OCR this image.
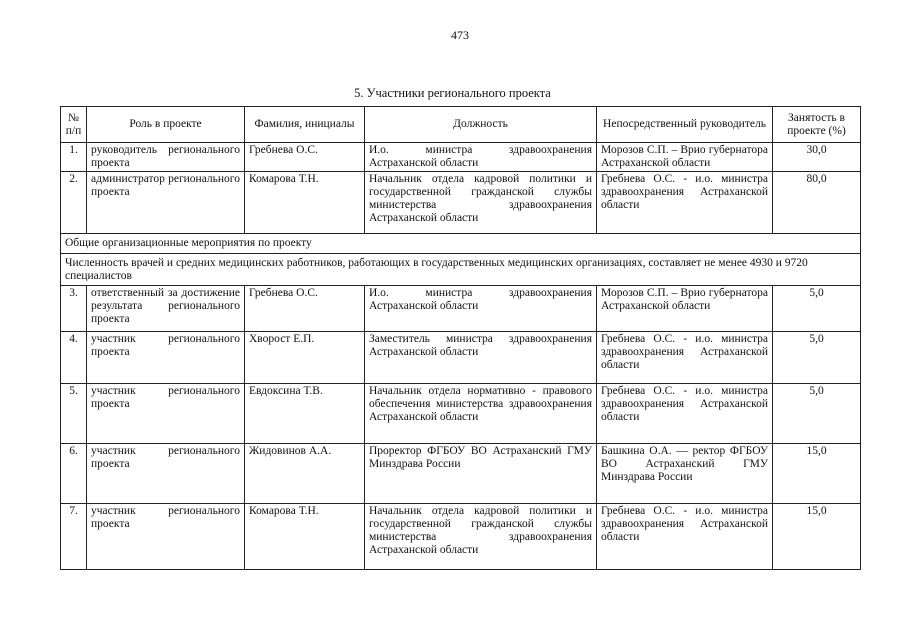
473
5. Участники регионального проекта
№ п/п	Роль в проекте	Фамилия, инициалы	Должность	Непосредственный руководитель	Занятость в проекте (%)
1.	руководитель регионального проекта	Гребнева О.С.	И.о. министра здравоохранения Астраханской области	Морозов С.П. – Врио губернатора Астраханской области	30,0
2.	администратор регионального проекта	Комарова Т.Н.	Начальник отдела кадровой политики и государственной гражданской службы министерства здравоохранения Астраханской области	Гребнева О.С. - и.о. министра здравоохранения Астраханской области	80,0
Общие организационные мероприятия по проекту					
Численность врачей и средних медицинских работников, работающих в государственных медицинских организациях, составляет не менее 4930 и 9720 специалистов					
3.	ответственный за достижение результата регионального проекта	Гребнева О.С.	И.о. министра здравоохранения Астраханской области	Морозов С.П. – Врио губернатора Астраханской области	5,0
4.	участник регионального проекта	Хворост Е.П.	Заместитель министра здравоохранения Астраханской области	Гребнева О.С. - и.о. министра здравоохранения Астраханской области	5,0
5.	участник регионального проекта	Евдоксина Т.В.	Начальник отдела нормативно - правового обеспечения министерства здравоохранения Астраханской области	Гребнева О.С. - и.о. министра здравоохранения Астраханской области	5,0
6.	участник регионального проекта	Жидовинов А.А.	Проректор ФГБОУ ВО Астраханский ГМУ Минздрава России	Башкина О.А. — ректор ФГБОУ ВО Астраханский ГМУ Минздрава России	15,0
7.	участник регионального проекта	Комарова Т.Н.	Начальник отдела кадровой политики и государственной гражданской службы министерства здравоохранения Астраханской области	Гребнева О.С. - и.о. министра здравоохранения Астраханской области	15,0
